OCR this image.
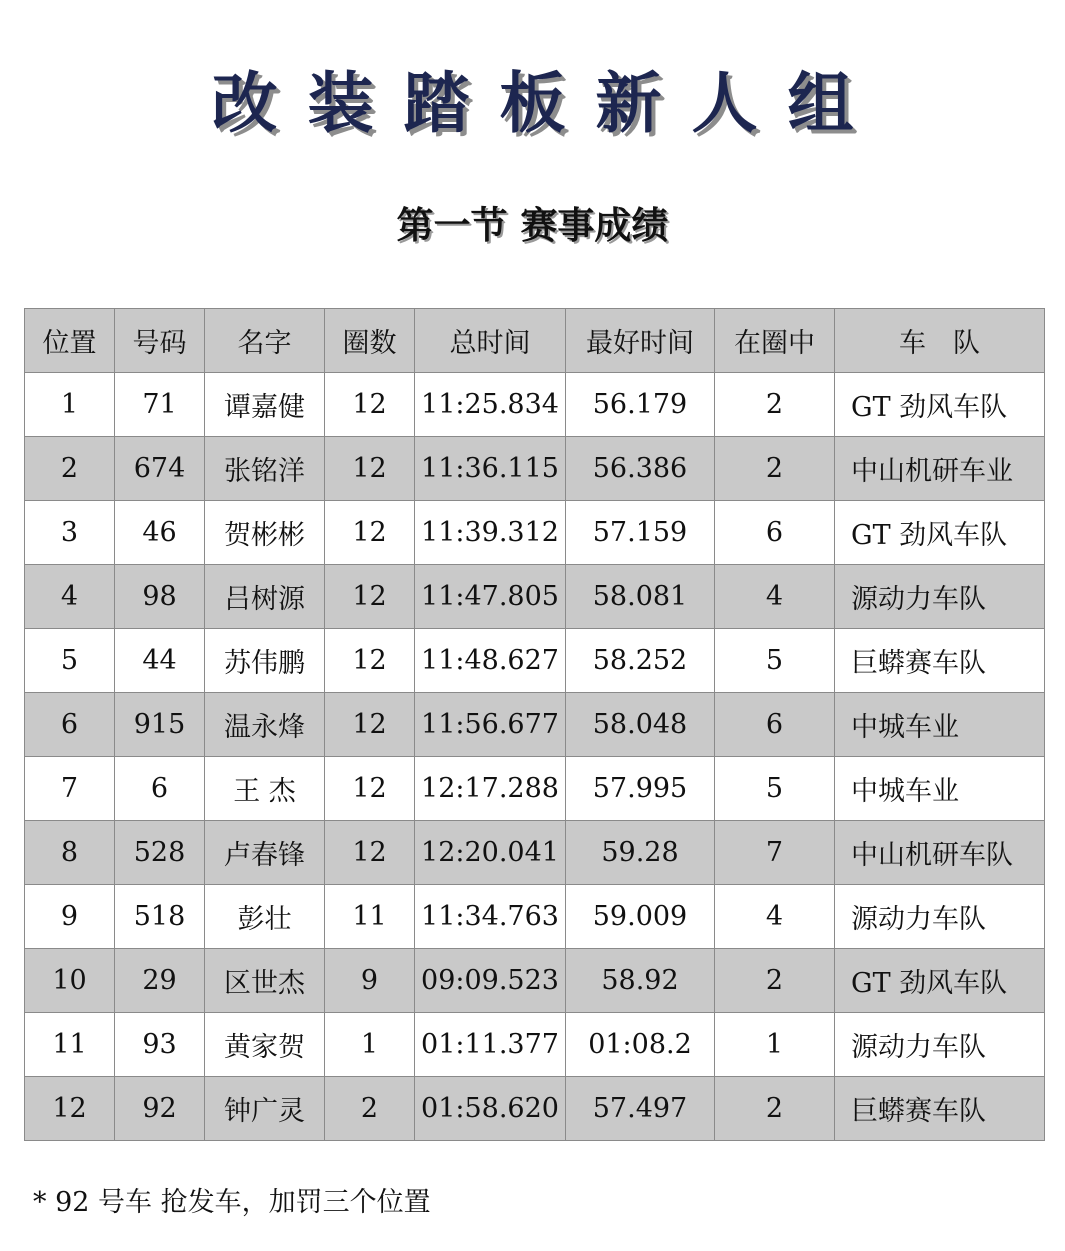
改装踏板新人组
第一节 赛事成绩
位置	号码	名字	圈数	总时间	最好时间	在圈中	车　队
1	71	谭嘉健	12	11:25.834	56.179	2	GT 劲风车队
2	674	张铭洋	12	11:36.115	56.386	2	中山机研车业
3	46	贺彬彬	12	11:39.312	57.159	6	GT 劲风车队
4	98	吕树源	12	11:47.805	58.081	4	源动力车队
5	44	苏伟鹏	12	11:48.627	58.252	5	巨蟒赛车队
6	915	温永烽	12	11:56.677	58.048	6	中城车业
7	6	王 杰	12	12:17.288	57.995	5	中城车业
8	528	卢春锋	12	12:20.041	59.28	7	中山机研车队
9	518	彭壮	11	11:34.763	59.009	4	源动力车队
10	29	区世杰	9	09:09.523	58.92	2	GT 劲风车队
11	93	黄家贺	1	01:11.377	01:08.2	1	源动力车队
12	92	钟广灵	2	01:58.620	57.497	2	巨蟒赛车队
* 92 号车 抢发车，加罚三个位置
